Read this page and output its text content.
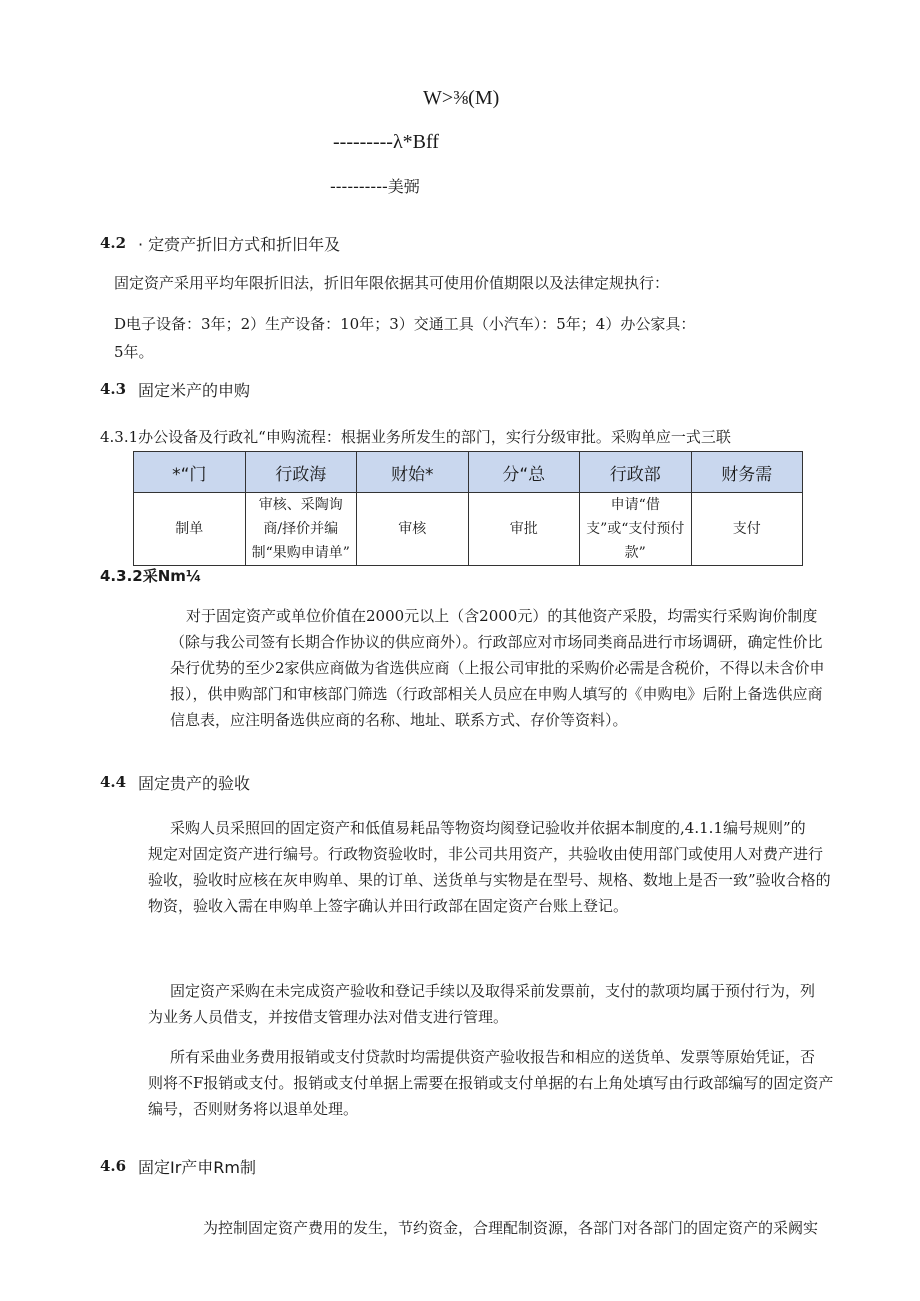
W>⅜(M)
---------λ*Bff
----------美弼
4.2 · 定赍产折旧方式和折旧年及
固定资产采用平均年限折旧法，折旧年限依据其可使用价值期限以及法律定规执行：
D电子设备：3年；2）生产设备：10年；3）交通工具（小汽车）：5年；4）办公家具：
5年。
4.3 固定米产的申购
4.3.1办公设备及行政礼“申购流程：根据业务所发生的部门，实行分级审批。采购单应一式三联
*“门	行政海	财始*	分“总	行政部	财务需
制单	审核、采陶询商/择价并编制“果购申请单”	审核	审批	申请“借支”或“支付预付款”	支付
4.3.2采Nm¼

对于固定资产或单位价值在2000元以上（含2000元）的其他资产采股，均需实行采购询价制度

（除与我公司签有长期合作协议的供应商外）。行政部应对市场同类商品进行市场调研，确定性价比

朵行优势的至少2家供应商做为省选供应商（上报公司审批的采购价必需是含税价，不得以未含价申

报），供申购部门和审核部门筛选（行政部相关人员应在申购人填写的《申购电》后附上备选供应商

信息表，应注明备选供应商的名称、地址、联系方式、存价等资料）。

4.4 固定贵产的验收

采购人员采照回的固定资产和低值易耗品等物资均阂登记验收并依据本制度的,4.1.1编号规则”的

规定对固定资产进行编号。行政物资验收时，非公司共用资产，共验收由使用部门或使用人对费产进行

验收，验收时应核在灰申购单、果的订单、送货单与实物是在型号、规格、数地上是否一致”验收合格的

物资，验收入需在申购单上签字确认并田行政部在固定资产台账上登记。

固定资产采购在未完成资产验收和登记手续以及取得采前发票前，支付的款项均属于预付行为，列

为业务人员借支，并按借支管理办法对借支进行管理。

所有采曲业务费用报销或支付贷款时均需提供资产验收报告和相应的送货单、发票等原始凭证，否

则将不F报销或支付。报销或支付单据上需要在报销或支付单据的右上角处填写由行政部编写的固定资产

编号，否则财务将以退单处理。

4.6 固定Ir产申Rm制
为控制固定资产费用的发生，节约资金，合理配制资源，各部门对各部门的固定资产的采阙实
